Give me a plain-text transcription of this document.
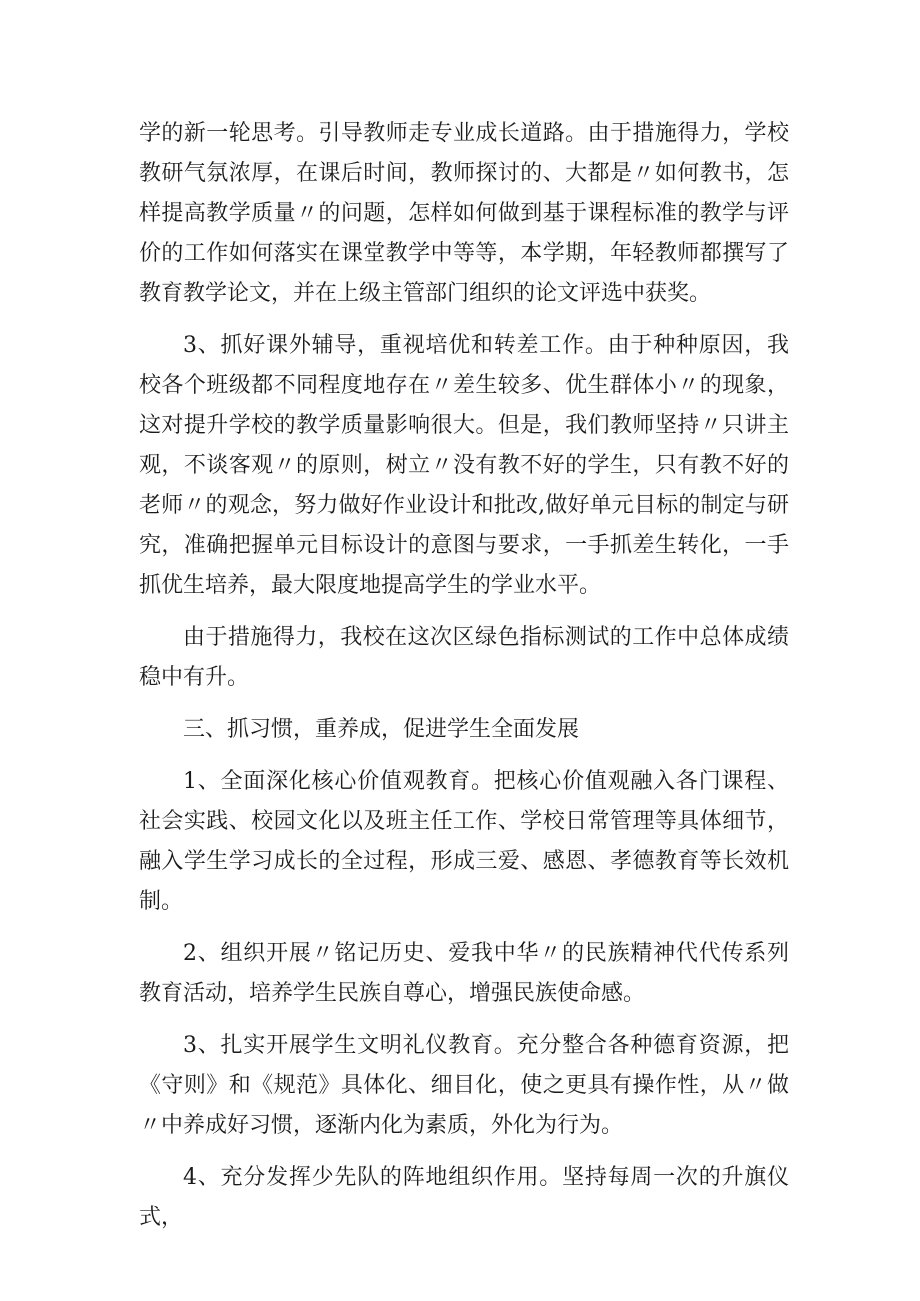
学的新一轮思考。引导教师走专业成长道路。由于措施得力，学校教研气氛浓厚，在课后时间，教师探讨的、大都是〃如何教书，怎样提高教学质量〃的问题，怎样如何做到基于课程标准的教学与评价的工作如何落实在课堂教学中等等，本学期，年轻教师都撰写了教育教学论文，并在上级主管部门组织的论文评选中获奖。

3、抓好课外辅导，重视培优和转差工作。由于种种原因，我校各个班级都不同程度地存在〃差生较多、优生群体小〃的现象，这对提升学校的教学质量影响很大。但是，我们教师坚持〃只讲主观，不谈客观〃的原则，树立〃没有教不好的学生，只有教不好的老师〃的观念，努力做好作业设计和批改,做好单元目标的制定与研究，准确把握单元目标设计的意图与要求，一手抓差生转化，一手抓优生培养，最大限度地提高学生的学业水平。

由于措施得力，我校在这次区绿色指标测试的工作中总体成绩稳中有升。

三、抓习惯，重养成，促进学生全面发展

1、全面深化核心价值观教育。把核心价值观融入各门课程、社会实践、校园文化以及班主任工作、学校日常管理等具体细节，融入学生学习成长的全过程，形成三爱、感恩、孝德教育等长效机制。

2、组织开展〃铭记历史、爱我中华〃的民族精神代代传系列教育活动，培养学生民族自尊心，增强民族使命感。

3、扎实开展学生文明礼仪教育。充分整合各种德育资源，把《守则》和《规范》具体化、细目化，使之更具有操作性，从〃做〃中养成好习惯，逐渐内化为素质，外化为行为。

4、充分发挥少先队的阵地组织作用。坚持每周一次的升旗仪式，
